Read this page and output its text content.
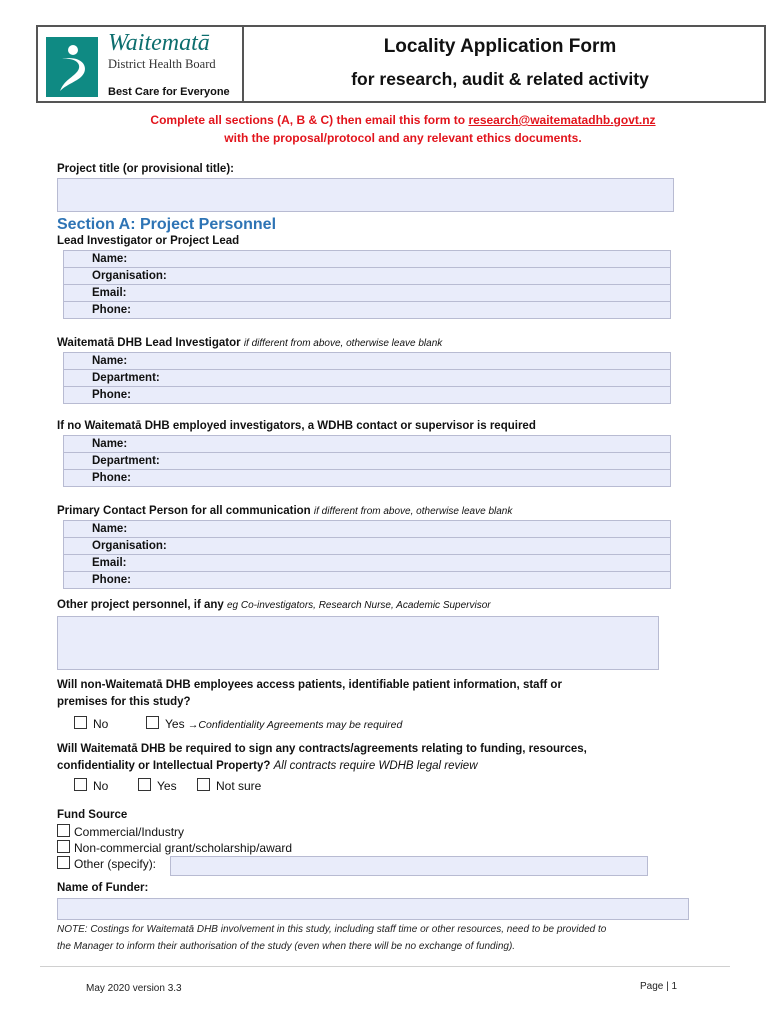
Waitematā
District Health Board
Best Care for Everyone
Locality Application Form
for research, audit & related activity
Complete all sections (A, B & C) then email this form to research@waitematadhb.govt.nz
with the proposal/protocol and any relevant ethics documents.
Project title (or provisional title):
Section A: Project Personnel
Lead Investigator or Project Lead
Name:
Organisation:
Email:
Phone:
Waitematā DHB Lead Investigator if different from above, otherwise leave blank
Name:
Department:
Phone:
If no Waitematā DHB employed investigators, a WDHB contact or supervisor is required
Name:
Department:
Phone:
Primary Contact Person for all communication if different from above, otherwise leave blank
Name:
Organisation:
Email:
Phone:
Other project personnel, if any eg Co-investigators, Research Nurse, Academic Supervisor
Will non-Waitematā DHB employees access patients, identifiable patient information, staff or
premises for this study?
No	Yes →Confidentiality Agreements may be required
Will Waitematā DHB be required to sign any contracts/agreements relating to funding, resources,
confidentiality or Intellectual Property? All contracts require WDHB legal review
No	Yes	Not sure
Fund Source
Commercial/Industry
Non-commercial grant/scholarship/award
Other (specify):
Name of Funder:
NOTE: Costings for Waitematā DHB involvement in this study, including staff time or other resources, need to be provided to
the Manager to inform their authorisation of the study (even when there will be no exchange of funding).
May 2020 version 3.3	Page | 1
